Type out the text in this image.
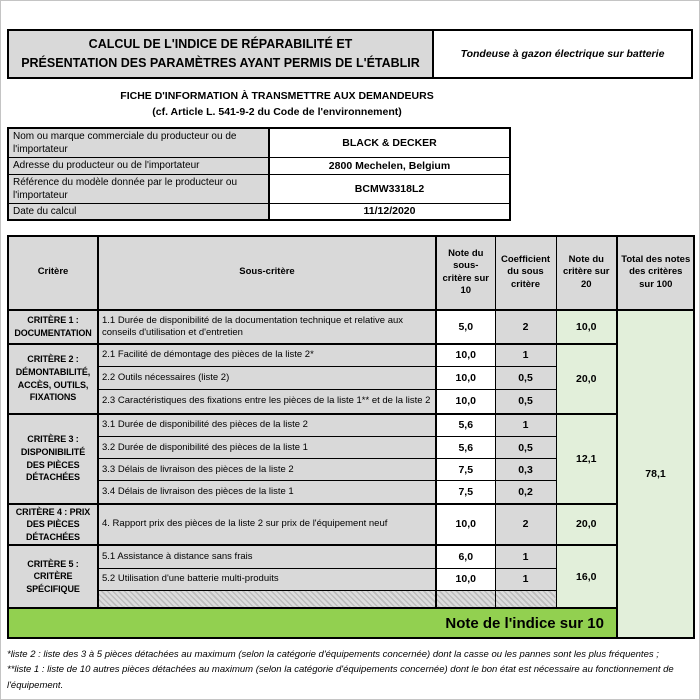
CALCUL DE L'INDICE DE RÉPARABILITÉ ET
PRÉSENTATION DES PARAMÈTRES AYANT PERMIS DE L'ÉTABLIR
Tondeuse à gazon électrique sur batterie
FICHE D'INFORMATION À TRANSMETTRE AUX DEMANDEURS
(cf. Article L. 541-9-2 du Code de l'environnement)
Nom ou marque commerciale du producteur ou de l'importateur	BLACK & DECKER
Adresse du producteur ou de l'importateur	2800 Mechelen, Belgium
Référence du modèle donnée par le producteur ou l'importateur	BCMW3318L2
Date du calcul	11/12/2020
Critère	Sous-critère	Note du sous-critère sur 10	Coefficient du sous critère	Note du critère sur 20	Total des notes des critères sur 100	
CRITÈRE 1 : DOCUMENTATION	1.1 Durée de disponibilité de la documentation technique et relative aux conseils d'utilisation et d'entretien	5,0	2	10,0	78,1	
CRITÈRE 2 : DÉMONTABILITÉ, ACCÈS, OUTILS, FIXATIONS	2.1 Facilité de démontage des pièces de la liste 2*	10,0	1	20,0		
	2.2 Outils nécessaires (liste 2)	10,0	0,5			
	2.3 Caractéristiques des fixations entre les pièces de la liste 1** et de la liste 2	10,0	0,5			
CRITÈRE 3 : DISPONIBILITÉ DES PIÈCES DÉTACHÉES	3.1 Durée de disponibilité des pièces de la liste 2	5,6	1	12,1		
	3.2 Durée de disponibilité des pièces de la liste 1	5,6	0,5			
	3.3 Délais de livraison des pièces de la liste 2	7,5	0,3			
	3.4 Délais de livraison des pièces de la liste 1	7,5	0,2			
CRITÈRE 4 : PRIX DES PIÈCES DÉTACHÉES	4. Rapport prix des pièces de la liste 2 sur prix de l'équipement neuf	10,0	2	20,0		
CRITÈRE 5 : CRITÈRE SPÉCIFIQUE	5.1 Assistance à distance sans frais	6,0	1	16,0		
	5.2 Utilisation d'une batterie multi-produits	10,0	1			

Note de l'indice sur 10	
*liste 2 : liste des 3 à 5 pièces détachées au maximum (selon la catégorie d'équipements concernée) dont la casse ou les pannes sont les plus fréquentes ;
**liste 1 : liste de 10 autres pièces détachées au maximum (selon la catégorie d'équipements concernée) dont le bon état est nécessaire au fonctionnement de l'équipement.
